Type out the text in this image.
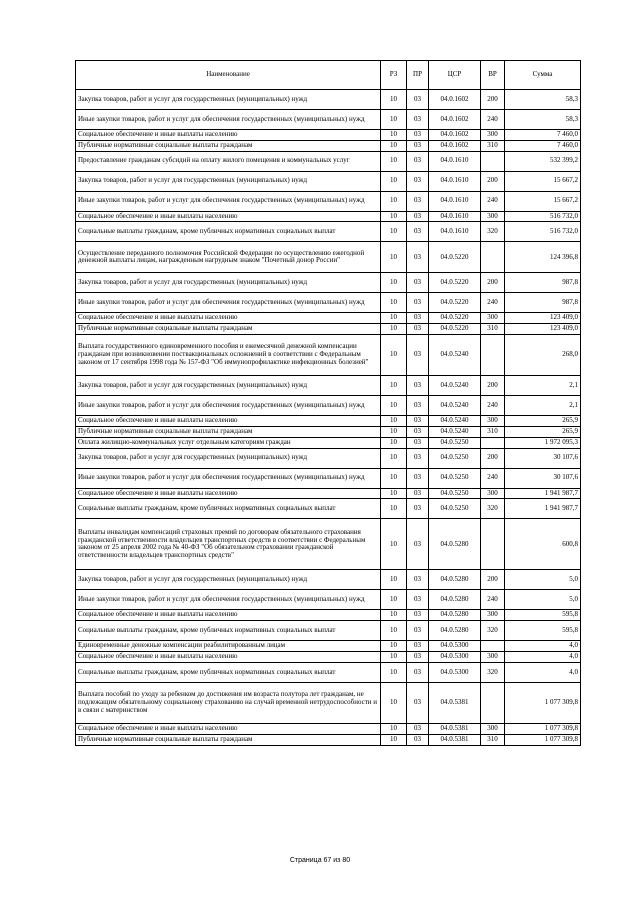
Наименование	РЗ	ПР	ЦСР	ВР	Сумма
Закупка товаров, работ и услуг для государственных (муниципальных) нужд	10	03	04.0.1602	200	58,3
Иные закупки товаров, работ и услуг для обеспечения государственных (муниципальных) нужд	10	03	04.0.1602	240	58,3
Социальное обеспечение и иные выплаты населению	10	03	04.0.1602	300	7 460,0
Публичные нормативные социальные выплаты гражданам	10	03	04.0.1602	310	7 460,0
Предоставление гражданам субсидий на оплату жилого помещения и коммунальных услуг	10	03	04.0.1610		532 399,2
Закупка товаров, работ и услуг для государственных (муниципальных) нужд	10	03	04.0.1610	200	15 667,2
Иные закупки товаров, работ и услуг для обеспечения государственных (муниципальных) нужд	10	03	04.0.1610	240	15 667,2
Социальное обеспечение и иные выплаты населению	10	03	04.0.1610	300	516 732,0
Социальные выплаты гражданам, кроме публичных нормативных социальных выплат	10	03	04.0.1610	320	516 732,0
Осуществление переданного полномочия Российской Федерации по осуществлению ежегодной денежной выплаты лицам, награжденным нагрудным знаком "Почетный донор России"	10	03	04.0.5220		124 396,8
Закупка товаров, работ и услуг для государственных (муниципальных) нужд	10	03	04.0.5220	200	987,8
Иные закупки товаров, работ и услуг для обеспечения государственных (муниципальных) нужд	10	03	04.0.5220	240	987,8
Социальное обеспечение и иные выплаты населению	10	03	04.0.5220	300	123 409,0
Публичные нормативные социальные выплаты гражданам	10	03	04.0.5220	310	123 409,0
Выплата государственного единовременного пособия и ежемесячной денежной компенсации гражданам при возникновении поствакцинальных осложнений в соответствии с Федеральным законом от 17 сентября 1998 года № 157-ФЗ "Об иммунопрофилактике инфекционных болезней"	10	03	04.0.5240		268,0
Закупка товаров, работ и услуг для государственных (муниципальных) нужд	10	03	04.0.5240	200	2,1
Иные закупки товаров, работ и услуг для обеспечения государственных (муниципальных) нужд	10	03	04.0.5240	240	2,1
Социальное обеспечение и иные выплаты населению	10	03	04.0.5240	300	265,9
Публичные нормативные социальные выплаты гражданам	10	03	04.0.5240	310	265,9
Оплата жилищно-коммунальных услуг отдельным категориям граждан	10	03	04.0.5250		1 972 095,3
Закупка товаров, работ и услуг для государственных (муниципальных) нужд	10	03	04.0.5250	200	30 107,6
Иные закупки товаров, работ и услуг для обеспечения государственных (муниципальных) нужд	10	03	04.0.5250	240	30 107,6
Социальное обеспечение и иные выплаты населению	10	03	04.0.5250	300	1 941 987,7
Социальные выплаты гражданам, кроме публичных нормативных социальных выплат	10	03	04.0.5250	320	1 941 987,7
Выплаты инвалидам компенсаций страховых премий по договорам обязательного страхования гражданской ответственности владельцев транспортных средств в соответствии с Федеральным законом от 25 апреля 2002 года № 40-ФЗ "Об обязательном страховании гражданской ответственности владельцев транспортных средств"	10	03	04.0.5280		600,8
Закупка товаров, работ и услуг для государственных (муниципальных) нужд	10	03	04.0.5280	200	5,0
Иные закупки товаров, работ и услуг для обеспечения государственных (муниципальных) нужд	10	03	04.0.5280	240	5,0
Социальное обеспечение и иные выплаты населению	10	03	04.0.5280	300	595,8
Социальные выплаты гражданам, кроме публичных нормативных социальных выплат	10	03	04.0.5280	320	595,8
Единовременные денежные компенсации реабилитированным лицам	10	03	04.0.5300		4,0
Социальное обеспечение и иные выплаты населению	10	03	04.0.5300	300	4,0
Социальные выплаты гражданам, кроме публичных нормативных социальных выплат	10	03	04.0.5300	320	4,0
Выплата пособий по уходу за ребенком до достижения им возраста полутора лет гражданам, не подлежащим обязательному социальному страхованию на случай временной нетрудоспособности и в связи с материнством	10	03	04.0.5381		1 077 309,8
Социальное обеспечение и иные выплаты населению	10	03	04.0.5381	300	1 077 309,8
Публичные нормативные социальные выплаты гражданам	10	03	04.0.5381	310	1 077 309,8
Страница 67 из 80
